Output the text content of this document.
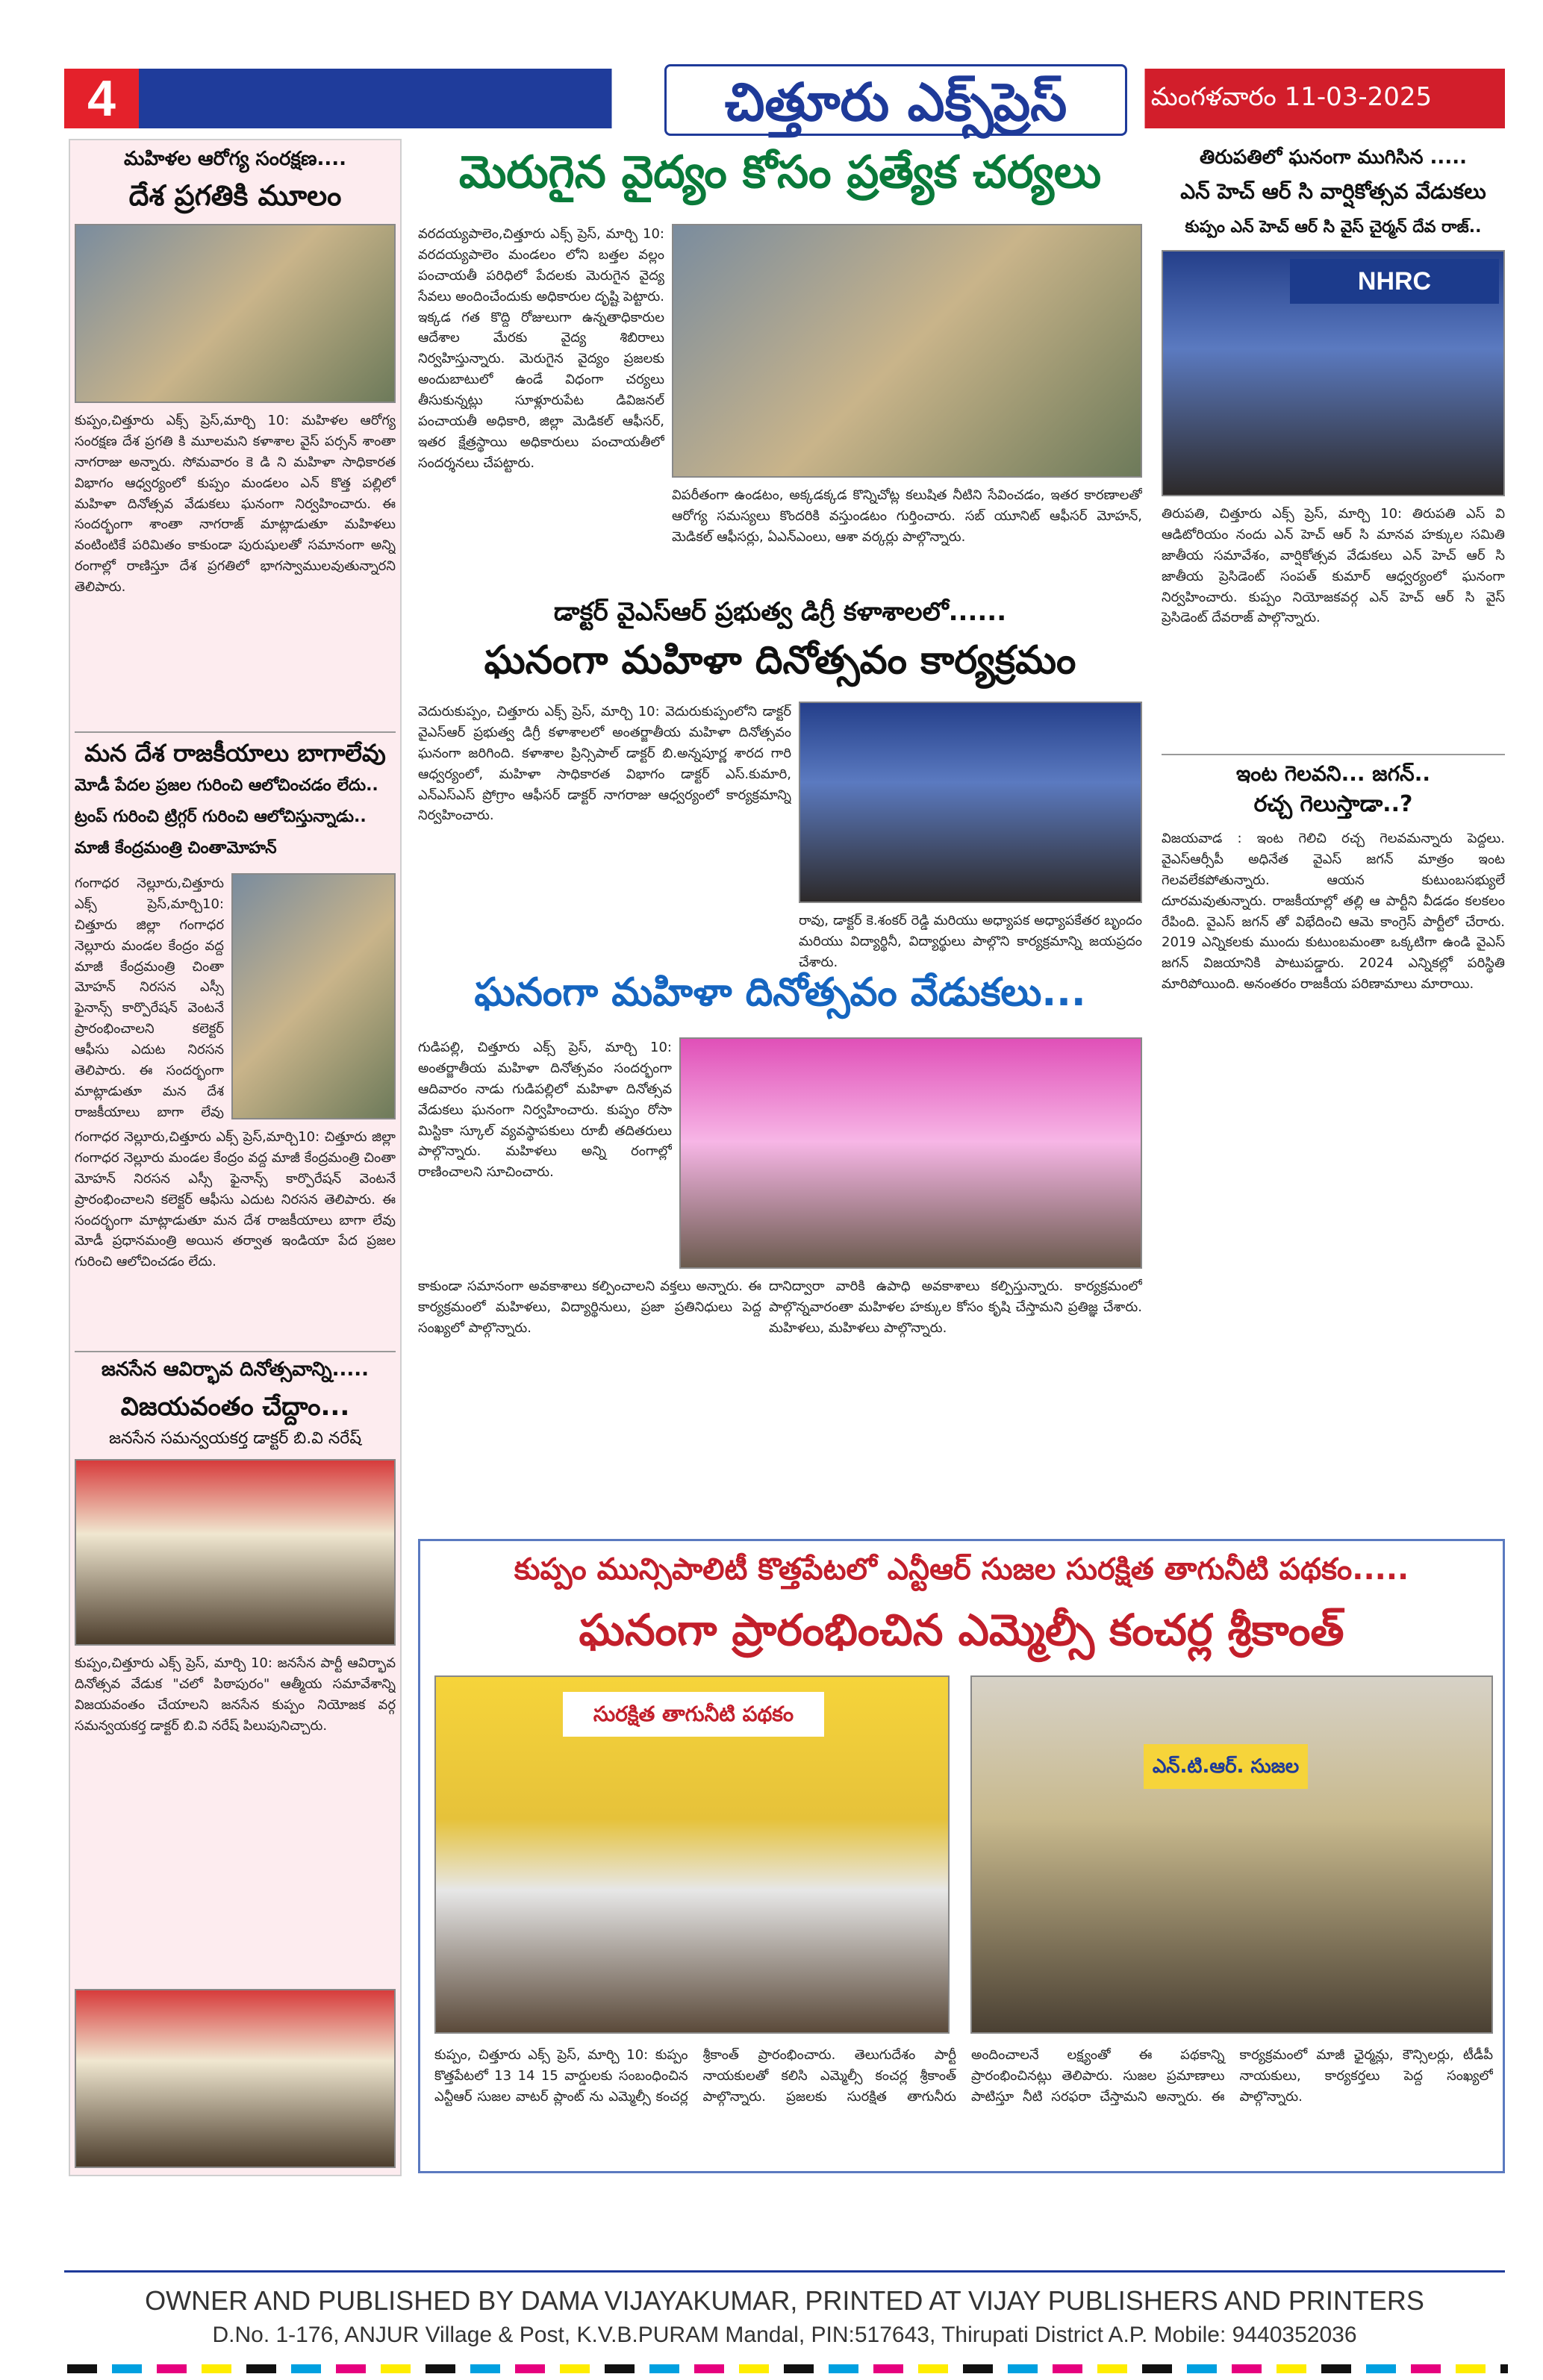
4	చిత్తూరు ఎక్స్‌ప్రెస్	మంగళవారం 11-03-2025
మహిళల ఆరోగ్య సంరక్షణ....
దేశ ప్రగతికి మూలం
కుప్పం,చిత్తూరు ఎక్స్ ప్రెస్,మార్చి 10: మహిళల ఆరోగ్య సంరక్షణ దేశ ప్రగతి కి మూలమని కళాశాల వైస్ పర్సన్ శాంతా నాగరాజు అన్నారు. సోమవారం కె డి ని మహిళా సాధికారత విభాగం ఆధ్వర్యంలో కుప్పం మండలం ఎన్ కొత్త పల్లిలో మహిళా దినోత్సవ వేడుకలు ఘనంగా నిర్వహించారు. ఈ సందర్భంగా శాంతా నాగరాజ్ మాట్లాడుతూ మహిళలు వంటింటికే పరిమితం కాకుండా పురుషులతో సమానంగా అన్ని రంగాల్లో రాణిస్తూ దేశ ప్రగతిలో భాగస్వాములవుతున్నారని తెలిపారు.
మన దేశ రాజకీయాలు బాగాలేవు
మోడీ పేదల ప్రజల గురించి ఆలోచించడం లేదు..
ట్రంప్ గురించి ట్రిగ్గర్ గురించి ఆలోచిస్తున్నాడు..
మాజీ కేంద్రమంత్రి చింతామోహన్
గంగాధర నెల్లూరు,చిత్తూరు ఎక్స్ ప్రెస్,మార్చి10: చిత్తూరు జిల్లా గంగాధర నెల్లూరు మండల కేంద్రం వద్ద మాజీ కేంద్రమంత్రి చింతా మోహన్ నిరసన ఎస్సీ ఫైనాన్స్ కార్పొరేషన్ వెంటనే ప్రారంభించాలని కలెక్టర్ ఆఫీసు ఎదుట నిరసన తెలిపారు. ఈ సందర్భంగా మాట్లాడుతూ మన దేశ రాజకీయాలు బాగా లేవు
గంగాధర నెల్లూరు,చిత్తూరు ఎక్స్ ప్రెస్,మార్చి10: చిత్తూరు జిల్లా గంగాధర నెల్లూరు మండల కేంద్రం వద్ద మాజీ కేంద్రమంత్రి చింతా మోహన్ నిరసన ఎస్సీ ఫైనాన్స్ కార్పొరేషన్ వెంటనే ప్రారంభించాలని కలెక్టర్ ఆఫీసు ఎదుట నిరసన తెలిపారు. ఈ సందర్భంగా మాట్లాడుతూ మన దేశ రాజకీయాలు బాగా లేవు మోడీ ప్రధానమంత్రి అయిన తర్వాత ఇండియా పేద ప్రజల గురించి ఆలోచించడం లేదు.
జనసేన ఆవిర్భావ దినోత్సవాన్ని.....
విజయవంతం చేద్దాం...
జనసేన సమన్వయకర్త డాక్టర్ బి.వి నరేష్
కుప్పం,చిత్తూరు ఎక్స్ ప్రెస్, మార్చి 10: జనసేన పార్టీ ఆవిర్భావ దినోత్సవ వేడుక "చలో పిఠాపురం" ఆత్మీయ సమావేశాన్ని విజయవంతం చేయాలని జనసేన కుప్పం నియోజక వర్గ సమన్వయకర్త డాక్టర్ బి.వి నరేష్ పిలుపునిచ్చారు.
మెరుగైన వైద్యం కోసం ప్రత్యేక చర్యలు
వరదయ్యపాలెం,చిత్తూరు ఎక్స్ ప్రెస్, మార్చి 10: వరదయ్యపాలెం మండలం లోని బత్తల వల్లం పంచాయతీ పరిధిలో పేదలకు మెరుగైన వైద్య సేవలు అందించేందుకు అధికారుల దృష్టి పెట్టారు. ఇక్కడ గత కొద్ది రోజులుగా ఉన్నతాధికారుల ఆదేశాల మేరకు వైద్య శిబిరాలు నిర్వహిస్తున్నారు. మెరుగైన వైద్యం ప్రజలకు అందుబాటులో ఉండే విధంగా చర్యలు తీసుకున్నట్లు సూళ్లూరుపేట డివిజనల్ పంచాయతీ అధికారి, జిల్లా మెడికల్ ఆఫీసర్, ఇతర క్షేత్రస్థాయి అధికారులు పంచాయతీలో సందర్శనలు చేపట్టారు.
విపరీతంగా ఉండటం, అక్కడక్కడ కొన్నిచోట్ల కలుషిత నీటిని సేవించడం, ఇతర కారణాలతో ఆరోగ్య సమస్యలు కొందరికి వస్తుండటం గుర్తించారు. సబ్ యూనిట్ ఆఫీసర్ మోహన్, మెడికల్ ఆఫీసర్లు, ఏఎన్ఎంలు, ఆశా వర్కర్లు పాల్గొన్నారు.
డాక్టర్ వైఎస్ఆర్ ప్రభుత్వ డిగ్రీ కళాశాలలో......
ఘనంగా మహిళా దినోత్సవం కార్యక్రమం
వెదురుకుప్పం, చిత్తూరు ఎక్స్ ప్రెస్, మార్చి 10: వెదురుకుప్పంలోని డాక్టర్ వైఎస్ఆర్ ప్రభుత్వ డిగ్రీ కళాశాలలో అంతర్జాతీయ మహిళా దినోత్సవం ఘనంగా జరిగింది. కళాశాల ప్రిన్సిపాల్ డాక్టర్ బి.అన్నపూర్ణ శారద గారి ఆధ్వర్యంలో, మహిళా సాధికారత విభాగం డాక్టర్ ఎస్.కుమారి, ఎన్ఎస్ఎస్ ప్రోగ్రాం ఆఫీసర్ డాక్టర్ నాగరాజు ఆధ్వర్యంలో కార్యక్రమాన్ని నిర్వహించారు.
రావు, డాక్టర్ కె.శంకర్ రెడ్డి మరియు అధ్యాపక అధ్యాపకేతర బృందం మరియు విద్యార్థినీ, విద్యార్థులు పాల్గొని కార్యక్రమాన్ని జయప్రదం చేశారు.
ఘనంగా మహిళా దినోత్సవం వేడుకలు...
గుడిపల్లి, చిత్తూరు ఎక్స్ ప్రెస్, మార్చి 10: అంతర్జాతీయ మహిళా దినోత్సవం సందర్భంగా ఆదివారం నాడు గుడిపల్లిలో మహిళా దినోత్సవ వేడుకలు ఘనంగా నిర్వహించారు. కుప్పం రోసా మిస్టికా స్కూల్ వ్యవస్థాపకులు రూబీ తదితరులు పాల్గొన్నారు. మహిళలు అన్ని రంగాల్లో రాణించాలని సూచించారు.
కాకుండా సమానంగా అవకాశాలు కల్పించాలని వక్తలు అన్నారు. ఈ కార్యక్రమంలో మహిళలు, విద్యార్థినులు, ప్రజా ప్రతినిధులు పెద్ద సంఖ్యలో పాల్గొన్నారు.
దానిద్వారా వారికి ఉపాధి అవకాశాలు కల్పిస్తున్నారు. కార్యక్రమంలో పాల్గొన్నవారంతా మహిళల హక్కుల కోసం కృషి చేస్తామని ప్రతిజ్ఞ చేశారు. మహిళలు, మహిళలు పాల్గొన్నారు.
తిరుపతిలో ఘనంగా ముగిసిన .....
ఎన్ హెచ్ ఆర్ సి వార్షికోత్సవ వేడుకలు
కుప్పం ఎన్ హెచ్ ఆర్ సి వైస్ చైర్మన్ దేవ రాజ్..
NHRC
తిరుపతి, చిత్తూరు ఎక్స్ ప్రెస్, మార్చి 10: తిరుపతి ఎస్ వి ఆడిటోరియం నందు ఎన్ హెచ్ ఆర్ సి మానవ హక్కుల సమితి జాతీయ సమావేశం, వార్షికోత్సవ వేడుకలు ఎన్ హెచ్ ఆర్ సి జాతీయ ప్రెసిడెంట్ సంపత్ కుమార్ ఆధ్వర్యంలో ఘనంగా నిర్వహించారు. కుప్పం నియోజకవర్గ ఎన్ హెచ్ ఆర్ సి వైస్ ప్రెసిడెంట్ దేవరాజ్ పాల్గొన్నారు.
ఇంట గెలవని... జగన్..
రచ్చ గెలుస్తాడా..?
విజయవాడ : ఇంట గెలిచి రచ్చ గెలవమన్నారు పెద్దలు. వైఎస్ఆర్సీపీ అధినేత వైఎస్ జగన్ మాత్రం ఇంట గెలవలేకపోతున్నారు. ఆయన కుటుంబసభ్యులే దూరమవుతున్నారు. రాజకీయాల్లో తల్లి ఆ పార్టీని వీడడం కలకలం రేపింది. వైఎస్ జగన్ తో విభేదించి ఆమె కాంగ్రెస్ పార్టీలో చేరారు. 2019 ఎన్నికలకు ముందు కుటుంబమంతా ఒక్కటిగా ఉండి వైఎస్ జగన్ విజయానికి పాటుపడ్డారు. 2024 ఎన్నికల్లో పరిస్థితి మారిపోయింది. అనంతరం రాజకీయ పరిణామాలు మారాయి.
కుప్పం మున్సిపాలిటీ కొత్తపేటలో ఎన్టీఆర్ సుజల సురక్షిత తాగునీటి పథకం.....
ఘనంగా ప్రారంభించిన ఎమ్మెల్సీ కంచర్ల శ్రీకాంత్
సురక్షిత తాగునీటి పథకం
ఎన్.టి.ఆర్. సుజల
కుప్పం, చిత్తూరు ఎక్స్ ప్రెస్, మార్చి 10: కుప్పం కొత్తపేటలో 13 14 15 వార్డులకు సంబంధించిన ఎన్టీఆర్ సుజల వాటర్ ప్లాంట్ ను ఎమ్మెల్సీ కంచర్ల శ్రీకాంత్ ప్రారంభించారు. తెలుగుదేశం పార్టీ నాయకులతో కలిసి ఎమ్మెల్సీ కంచర్ల శ్రీకాంత్ పాల్గొన్నారు. ప్రజలకు సురక్షిత తాగునీరు అందించాలనే లక్ష్యంతో ఈ పథకాన్ని ప్రారంభించినట్లు తెలిపారు. సుజల ప్రమాణాలు పాటిస్తూ నీటి సరఫరా చేస్తామని అన్నారు. ఈ కార్యక్రమంలో మాజీ ఛైర్మన్లు, కౌన్సిలర్లు, టీడీపీ నాయకులు, కార్యకర్తలు పెద్ద సంఖ్యలో పాల్గొన్నారు.
OWNER AND PUBLISHED BY DAMA VIJAYAKUMAR, PRINTED AT VIJAY PUBLISHERS AND PRINTERS
D.No. 1-176, ANJUR Village & Post, K.V.B.PURAM Mandal, PIN:517643, Thirupati District A.P. Mobile: 9440352036
